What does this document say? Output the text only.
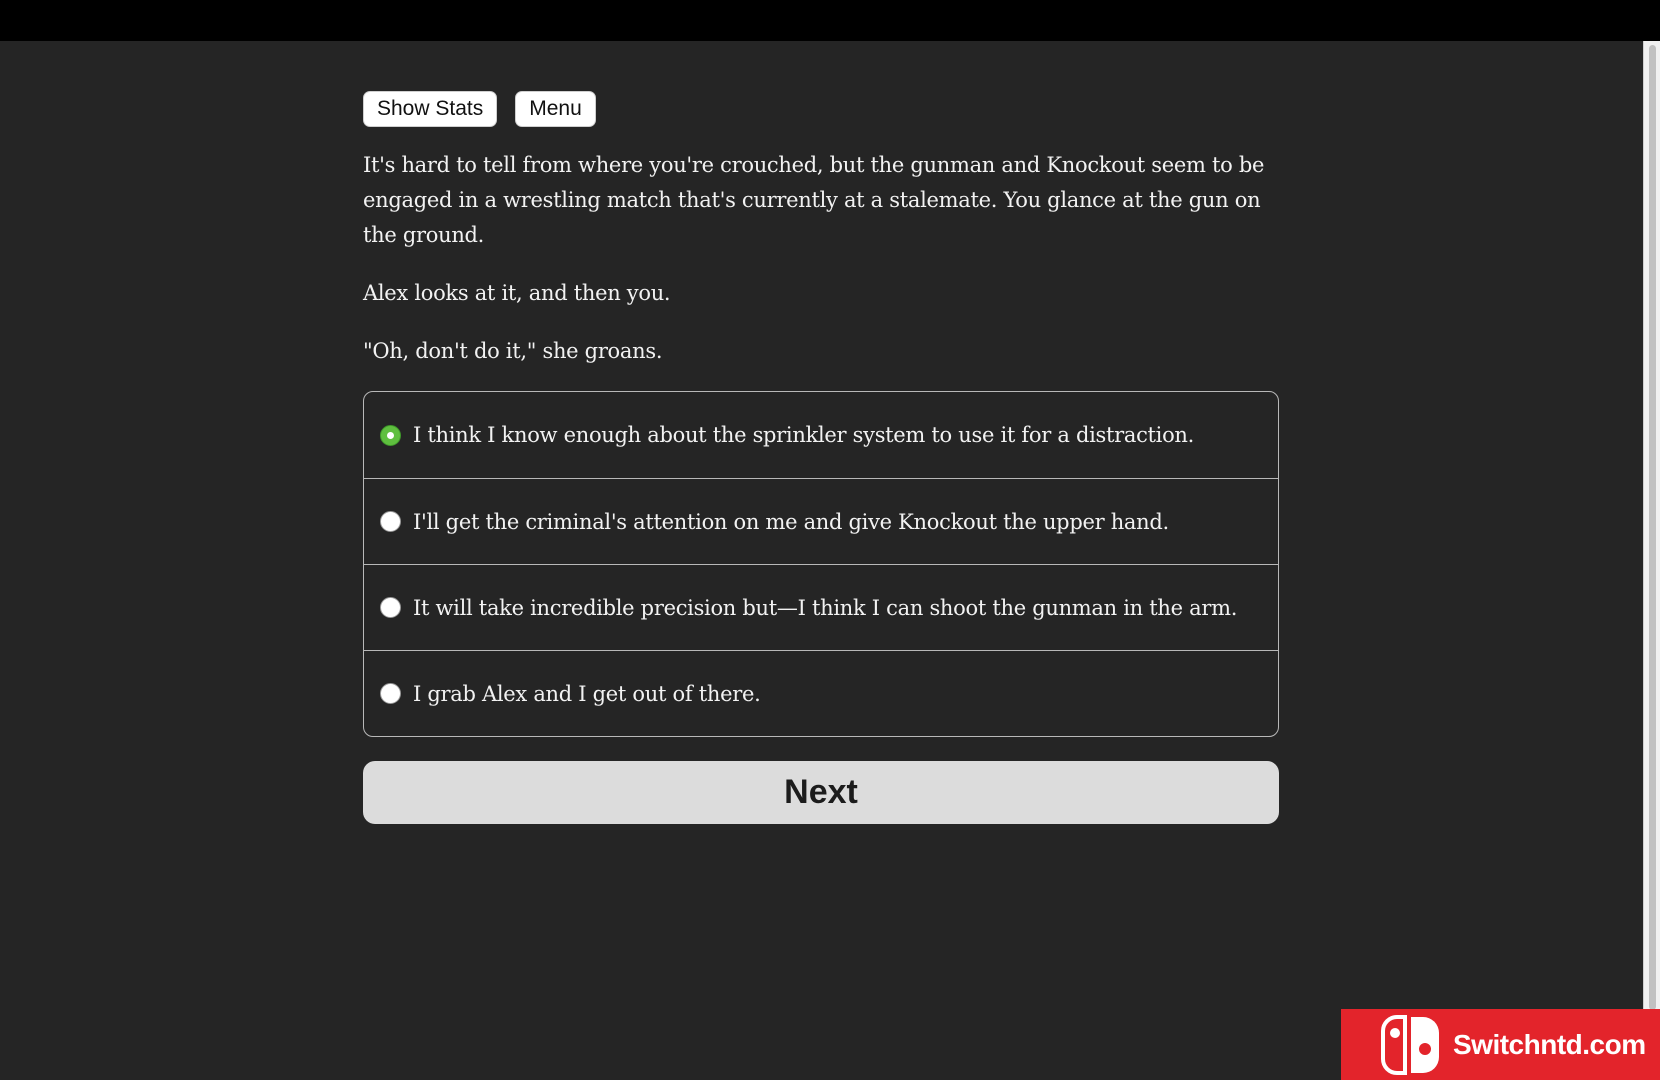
Show Stats	Menu

It's hard to tell from where you're crouched, but the gunman and Knockout seem to be engaged in a wrestling match that's currently at a stalemate. You glance at the gun on the ground.

Alex looks at it, and then you.

"Oh, don't do it," she groans.

I think I know enough about the sprinkler system to use it for a distraction.
I'll get the criminal's attention on me and give Knockout the upper hand.
It will take incredible precision but—I think I can shoot the gunman in the arm.
I grab Alex and I get out of there.
Next
Switchntd.com
